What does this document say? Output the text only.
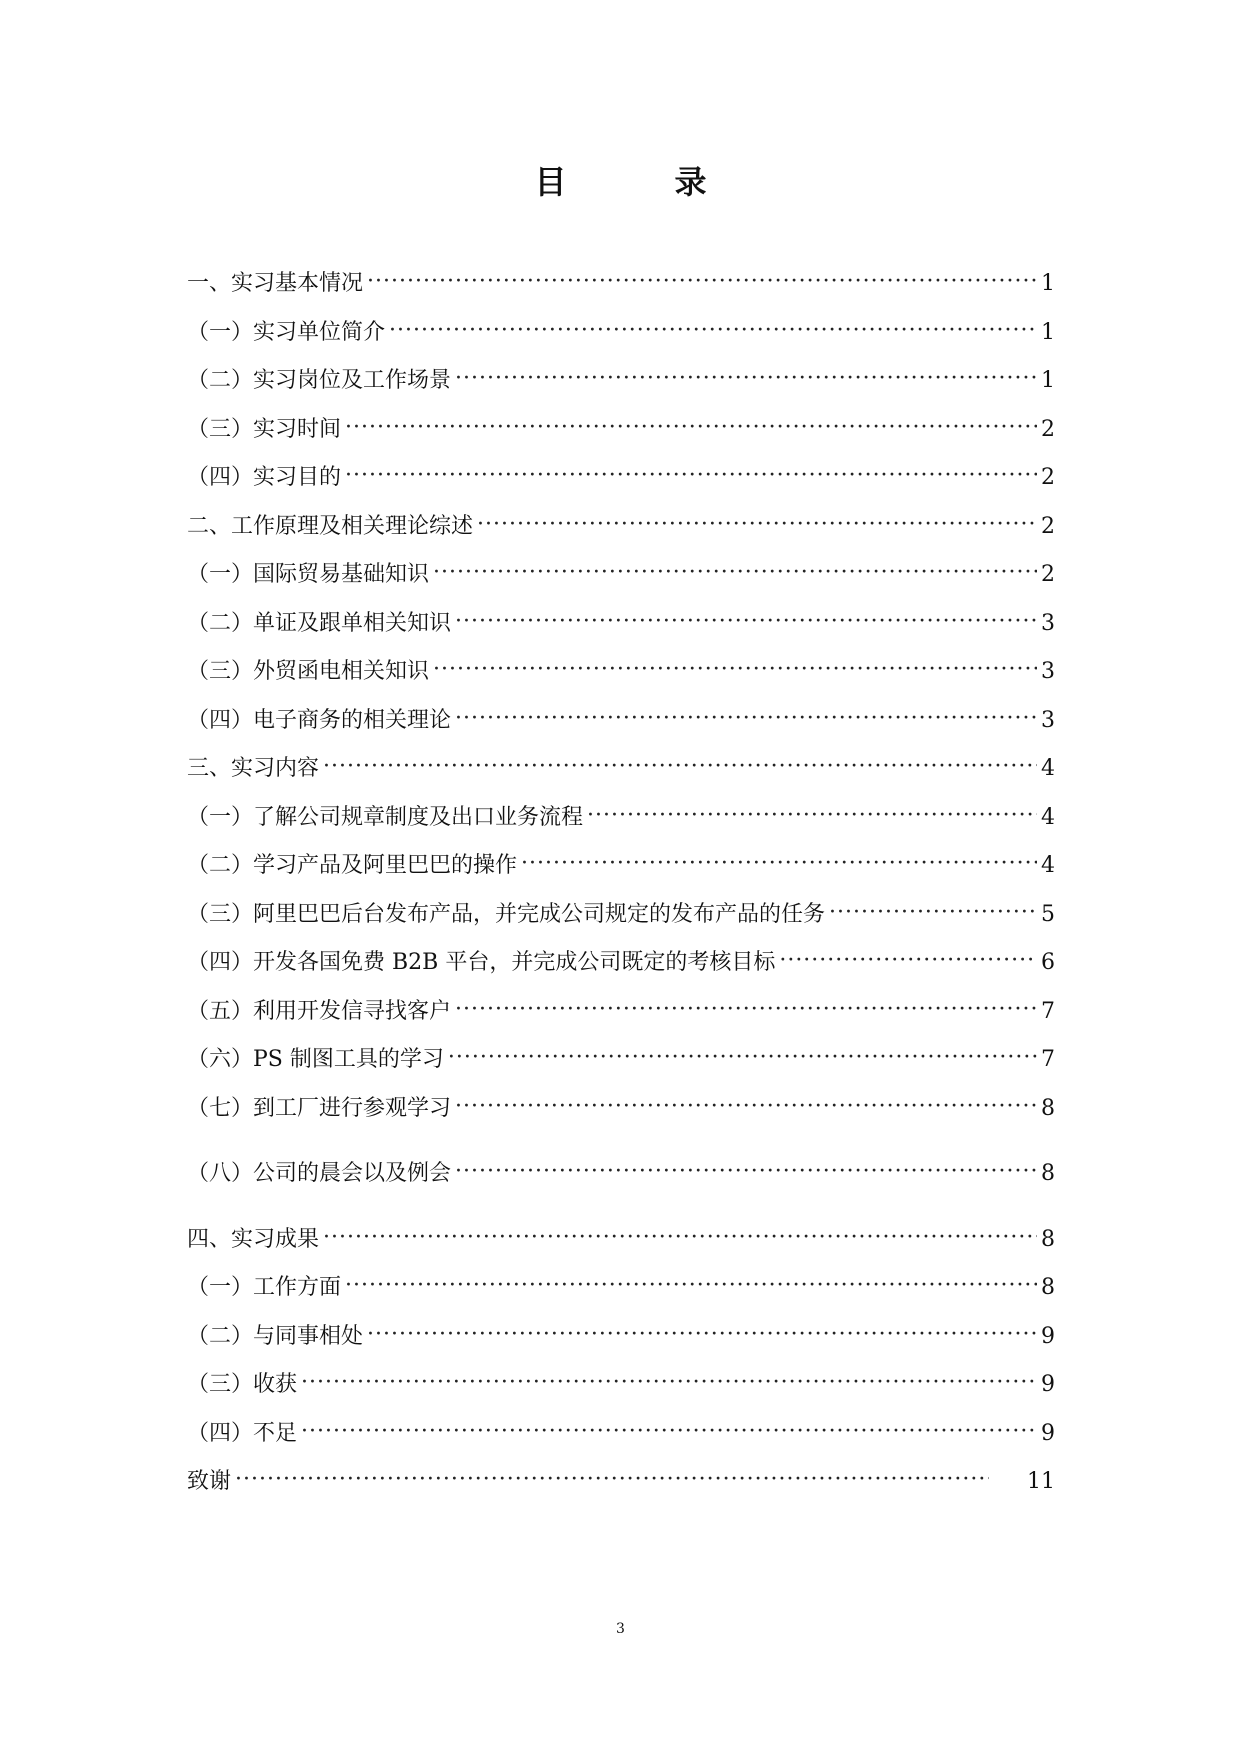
目　录
一、实习基本情况 ·····	1
（一）实习单位简介 ·····	1
（二）实习岗位及工作场景 ·····	1
（三）实习时间 ·····	2
（四）实习目的 ·····	2
二、工作原理及相关理论综述 ·····	2
（一）国际贸易基础知识 ·····	2
（二）单证及跟单相关知识 ·····	3
（三）外贸函电相关知识 ·····	3
（四）电子商务的相关理论 ·····	3
三、实习内容 ·····	4
（一）了解公司规章制度及出口业务流程 ·····	4
（二）学习产品及阿里巴巴的操作 ·····	4
（三）阿里巴巴后台发布产品，并完成公司规定的发布产品的任务 ·····	5
（四）开发各国免费 B2B 平台，并完成公司既定的考核目标 ·····	6
（五）利用开发信寻找客户 ·····	7
（六）PS 制图工具的学习 ·····	7
（七）到工厂进行参观学习 ·····	8
（八）公司的晨会以及例会 ·····	8
四、实习成果 ·····	8
（一）工作方面 ·····	8
（二）与同事相处 ·····	9
（三）收获 ·····	9
（四）不足 ·····	9
致谢 ·····	11
3
